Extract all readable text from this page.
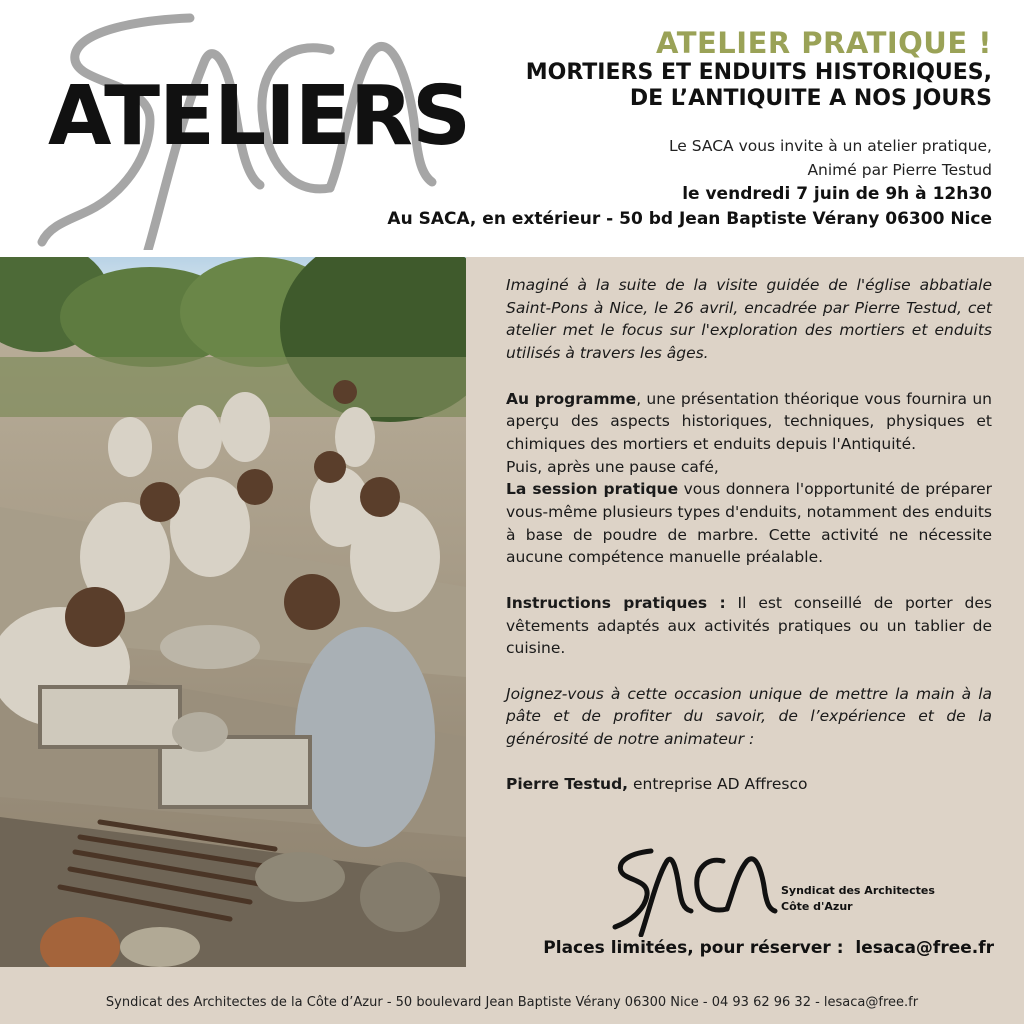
ATELIERS
ATELIER PRATIQUE !
MORTIERS ET ENDUITS HISTORIQUES,
DE L’ANTIQUITE A NOS JOURS
Le SACA vous invite à un atelier pratique,
Animé par Pierre Testud
le vendredi 7 juin de 9h à 12h30
Au SACA, en extérieur - 50 bd Jean Baptiste Vérany 06300 Nice

Imaginé à la suite de la visite guidée de l'église abbatiale Saint-Pons à Nice, le 26 avril, encadrée par Pierre Testud, cet atelier met le focus sur l'exploration des mortiers et enduits utilisés à travers les âges.

Au programme, une présentation théorique vous fournira un aperçu des aspects historiques, techniques, physiques et chimiques des mortiers et enduits depuis l'Antiquité.

Puis, après une pause café,

La session pratique vous donnera l'opportunité de préparer vous-même plusieurs types d'enduits, notamment des enduits à base de poudre de marbre. Cette activité ne nécessite aucune compétence manuelle préalable.

Instructions pratiques : Il est conseillé de porter des vêtements adaptés aux activités pratiques ou un tablier de cuisine.

Joignez-vous à cette occasion unique de mettre la main à la pâte et de profiter du savoir, de l’expérience et de la générosité de notre animateur :

Pierre Testud, entreprise AD Affresco

Syndicat des Architectes
Côte d'Azur
Places limitées, pour réserver : lesaca@free.fr
Syndicat des Architectes de la Côte d’Azur - 50 boulevard Jean Baptiste Vérany 06300 Nice - 04 93 62 96 32 - lesaca@free.fr
